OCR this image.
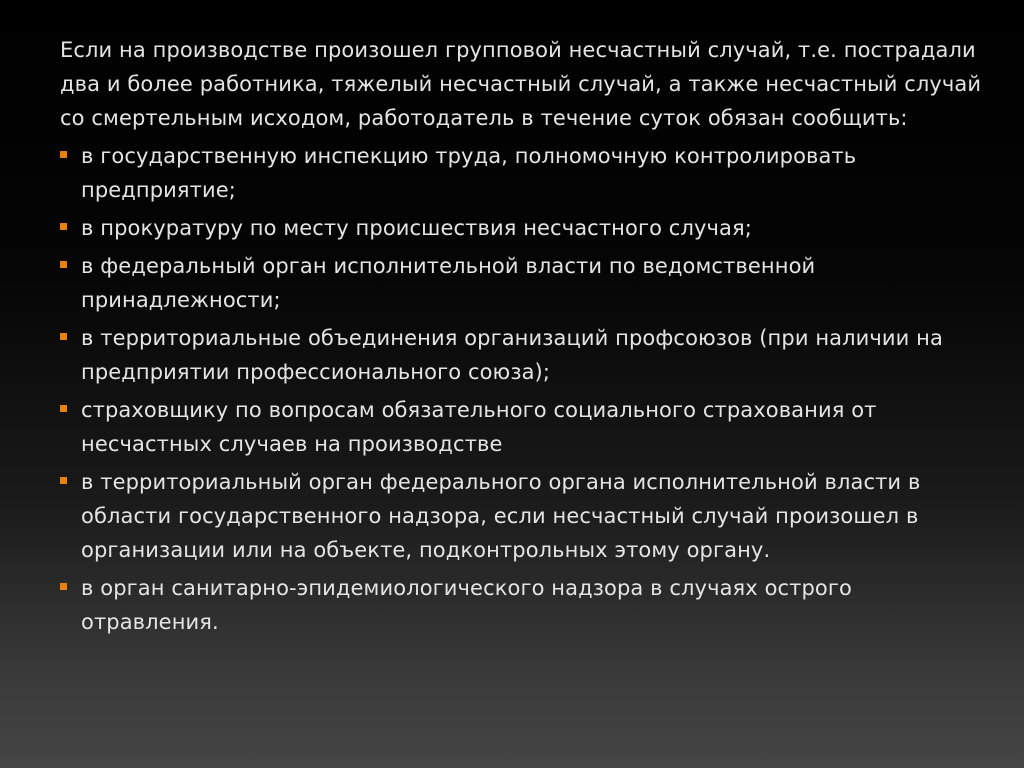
Если на производстве произошел групповой несчастный случай, т.е. пострадали два и более работника, тяжелый несчастный случай, а также несчастный случай со смертельным исходом, работодатель в течение суток обязан сообщить:
в государственную инспекцию труда, полномочную контролировать предприятие;
в прокуратуру по месту происшествия несчастного случая;
в федеральный орган исполнительной власти по ведомственной принадлежности;
в территориальные объединения организаций профсоюзов (при наличии на предприятии профессионального союза);
страховщику по вопросам обязательного социального страхования от несчастных случаев на производстве
в территориальный орган федерального органа исполнительной власти в области государственного надзора, если несчастный случай произошел в организации или на объекте, подконтрольных этому органу.
в орган санитарно-эпидемиологического надзора в случаях острого отравления.
